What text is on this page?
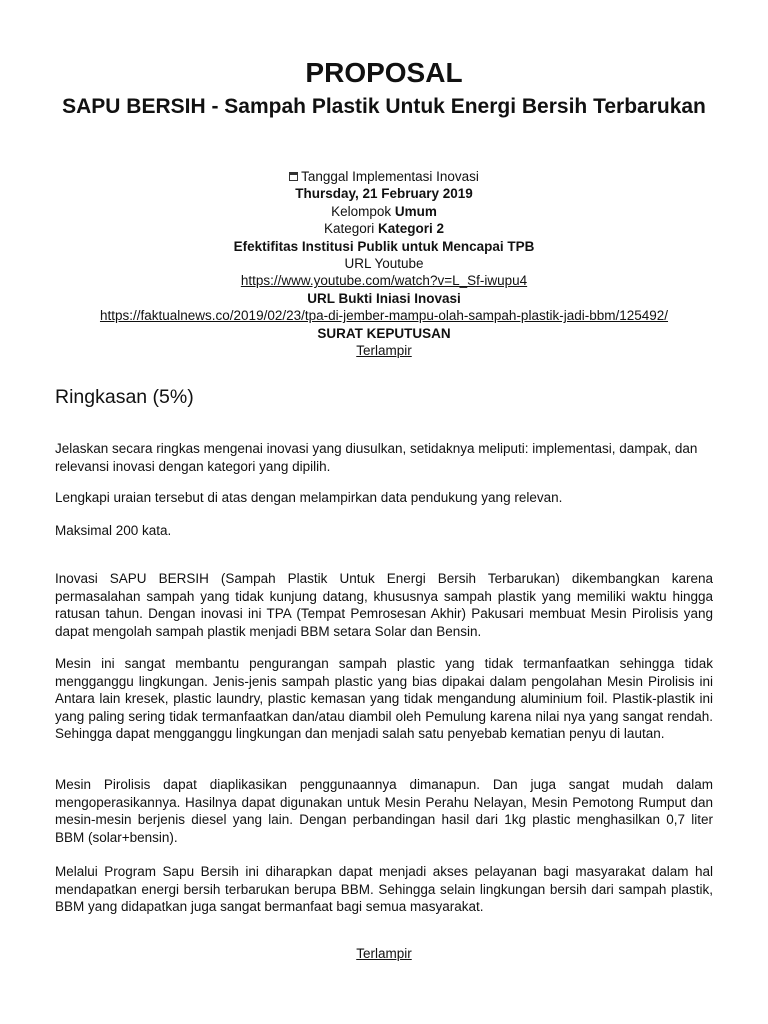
PROPOSAL
SAPU BERSIH - Sampah Plastik Untuk Energi Bersih Terbarukan
Tanggal Implementasi Inovasi
Thursday, 21 February 2019
Kelompok Umum
Kategori Kategori 2
Efektifitas Institusi Publik untuk Mencapai TPB
URL Youtube
https://www.youtube.com/watch?v=L_Sf-iwupu4
URL Bukti Iniasi Inovasi
https://faktualnews.co/2019/02/23/tpa-di-jember-mampu-olah-sampah-plastik-jadi-bbm/125492/
SURAT KEPUTUSAN
Terlampir
Ringkasan (5%)

Jelaskan secara ringkas mengenai inovasi yang diusulkan, setidaknya meliputi: implementasi, dampak, dan relevansi inovasi dengan kategori yang dipilih.

Lengkapi uraian tersebut di atas dengan melampirkan data pendukung yang relevan.

Maksimal 200 kata.

Inovasi SAPU BERSIH (Sampah Plastik Untuk Energi Bersih Terbarukan) dikembangkan karena permasalahan sampah yang tidak kunjung datang, khususnya sampah plastik yang memiliki waktu hingga ratusan tahun. Dengan inovasi ini TPA (Tempat Pemrosesan Akhir) Pakusari membuat Mesin Pirolisis yang dapat mengolah sampah plastik menjadi BBM setara Solar dan Bensin.

Mesin ini sangat membantu pengurangan sampah plastic yang tidak termanfaatkan sehingga tidak mengganggu lingkungan. Jenis-jenis sampah plastic yang bias dipakai dalam pengolahan Mesin Pirolisis ini Antara lain kresek, plastic laundry, plastic kemasan yang tidak mengandung aluminium foil. Plastik-plastik ini yang paling sering tidak termanfaatkan dan/atau diambil oleh Pemulung karena nilai nya yang sangat rendah. Sehingga dapat mengganggu lingkungan dan menjadi salah satu penyebab kematian penyu di lautan.

Mesin Pirolisis dapat diaplikasikan penggunaannya dimanapun. Dan juga sangat mudah dalam mengoperasikannya. Hasilnya dapat digunakan untuk Mesin Perahu Nelayan, Mesin Pemotong Rumput dan mesin-mesin berjenis diesel yang lain. Dengan perbandingan hasil dari 1kg plastic menghasilkan 0,7 liter BBM (solar+bensin).

Melalui Program Sapu Bersih ini diharapkan dapat menjadi akses pelayanan bagi masyarakat dalam hal mendapatkan energi bersih terbarukan berupa BBM. Sehingga selain lingkungan bersih dari sampah plastik, BBM yang didapatkan juga sangat bermanfaat bagi semua masyarakat.

Terlampir
